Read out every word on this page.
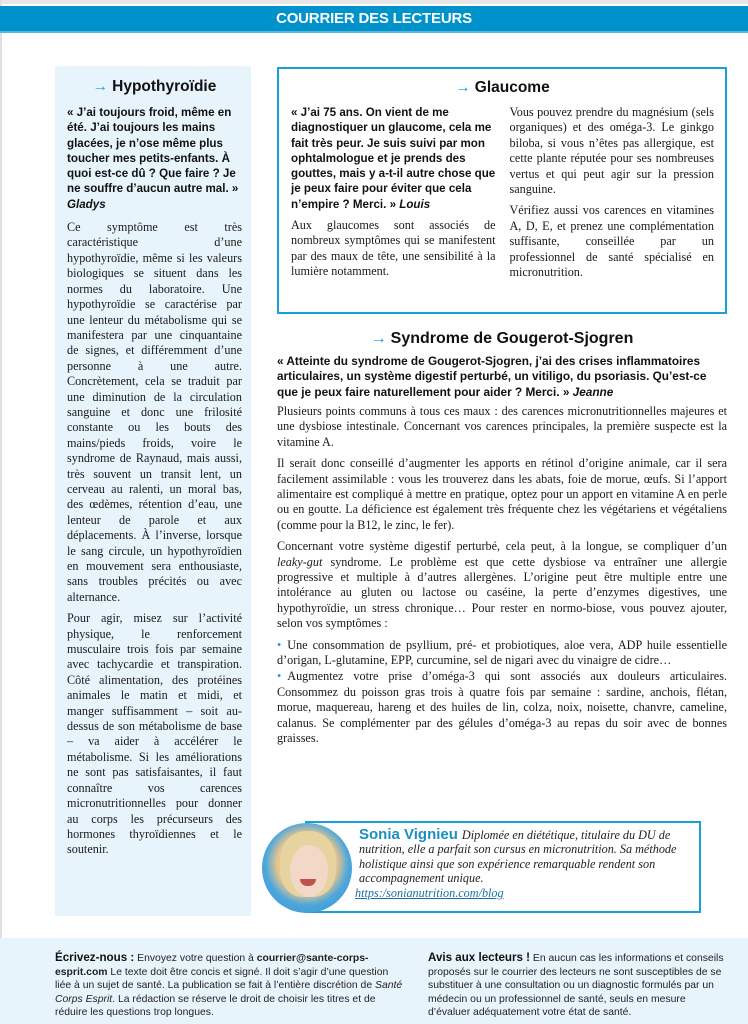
COURRIER DES LECTEURS
→ Hypothyroïdie
« J’ai toujours froid, même en été. J’ai toujours les mains glacées, je n’ose même plus toucher mes petits-enfants. À quoi est-ce dû ? Que faire ? Je ne souffre d’aucun autre mal. » Gladys

Ce symptôme est très caractéristique d’une hypothyroïdie, même si les valeurs biologiques se situent dans les normes du laboratoire. Une hypothyroïdie se caractérise par une lenteur du métabolisme qui se manifestera par une cinquantaine de signes, et différemment d’une personne à une autre. Concrètement, cela se traduit par une diminution de la circulation sanguine et donc une frilosité constante ou les bouts des mains/pieds froids, voire le syndrome de Raynaud, mais aussi, très souvent un transit lent, un cerveau au ralenti, un moral bas, des œdèmes, rétention d’eau, une lenteur de parole et aux déplacements. À l’inverse, lorsque le sang circule, un hypothyroïdien en mouvement sera enthousiaste, sans troubles précités ou avec alternance.

Pour agir, misez sur l’activité physique, le renforcement musculaire trois fois par semaine avec tachycardie et transpiration. Côté alimentation, des protéines animales le matin et midi, et manger suffisamment – soit au-dessus de son métabolisme de base – va aider à accélérer le métabolisme. Si les améliorations ne sont pas satisfaisantes, il faut connaître vos carences micronutritionnelles pour donner au corps les précurseurs des hormones thyroïdiennes et le soutenir.

→ Glaucome
« J’ai 75 ans. On vient de me diagnostiquer un glaucome, cela me fait très peur. Je suis suivi par mon ophtalmologue et je prends des gouttes, mais y a-t-il autre chose que je peux faire pour éviter que cela n’empire ? Merci. » Louis

Aux glaucomes sont associés de nombreux symptômes qui se manifestent par des maux de tête, une sensibilité à la lumière notamment.

Vous pouvez prendre du magnésium (sels organiques) et des oméga-3. Le ginkgo biloba, si vous n’êtes pas allergique, est cette plante réputée pour ses nombreuses vertus et qui peut agir sur la pression sanguine.

Vérifiez aussi vos carences en vitamines A, D, E, et prenez une complémentation suffisante, conseillée par un professionnel de santé spécialisé en micronutrition.

→ Syndrome de Gougerot-Sjogren
« Atteinte du syndrome de Gougerot-Sjogren, j’ai des crises inflammatoires articulaires, un système digestif perturbé, un vitiligo, du psoriasis. Qu’est-ce que je peux faire naturellement pour aider ? Merci. » Jeanne

Plusieurs points communs à tous ces maux : des carences micronutritionnelles majeures et une dysbiose intestinale. Concernant vos carences principales, la première suspecte est la vitamine A.

Il serait donc conseillé d’augmenter les apports en rétinol d’origine animale, car il sera facilement assimilable : vous les trouverez dans les abats, foie de morue, œufs. Si l’apport alimentaire est compliqué à mettre en pratique, optez pour un apport en vitamine A en perle ou en goutte. La déficience est également très fréquente chez les végétariens et végétaliens (comme pour la B12, le zinc, le fer).

Concernant votre système digestif perturbé, cela peut, à la longue, se compliquer d’un leaky-gut syndrome. Le problème est que cette dysbiose va entraîner une allergie progressive et multiple à d’autres allergènes. L’origine peut être multiple entre une intolérance au gluten ou lactose ou caséine, la perte d’enzymes digestives, une hypothyroïdie, un stress chronique… Pour rester en normo-biose, vous pouvez ajouter, selon vos symptômes :

• Une consommation de psyllium, pré- et probiotiques, aloe vera, ADP huile essentielle d’origan, L-glutamine, EPP, curcumine, sel de nigari avec du vinaigre de cidre…

• Augmentez votre prise d’oméga-3 qui sont associés aux douleurs articulaires. Consommez du poisson gras trois à quatre fois par semaine : sardine, anchois, flétan, morue, maquereau, hareng et des huiles de lin, colza, noix, noisette, chanvre, cameline, calanus. Se complémenter par des gélules d’oméga-3 au repas du soir avec de bonnes graisses.

Sonia Vignieu Diplomée en diététique, titulaire du DU de nutrition, elle a parfait son cursus en micronutrition. Sa méthode holistique ainsi que son expérience remarquable rendent son accompagnement unique.
https:/sonianutrition.com/blog
Écrivez-nous : Envoyez votre question à courrier@sante-corps-esprit.com Le texte doit être concis et signé. Il doit s’agir d’une question liée à un sujet de santé. La publication se fait à l’entière discrétion de Santé Corps Esprit. La rédaction se réserve le droit de choisir les titres et de réduire les questions trop longues.
Avis aux lecteurs ! En aucun cas les informations et conseils proposés sur le courrier des lecteurs ne sont susceptibles de se substituer à une consultation ou un diagnostic formulés par un médecin ou un professionnel de santé, seuls en mesure d’évaluer adéquatement votre état de santé.
